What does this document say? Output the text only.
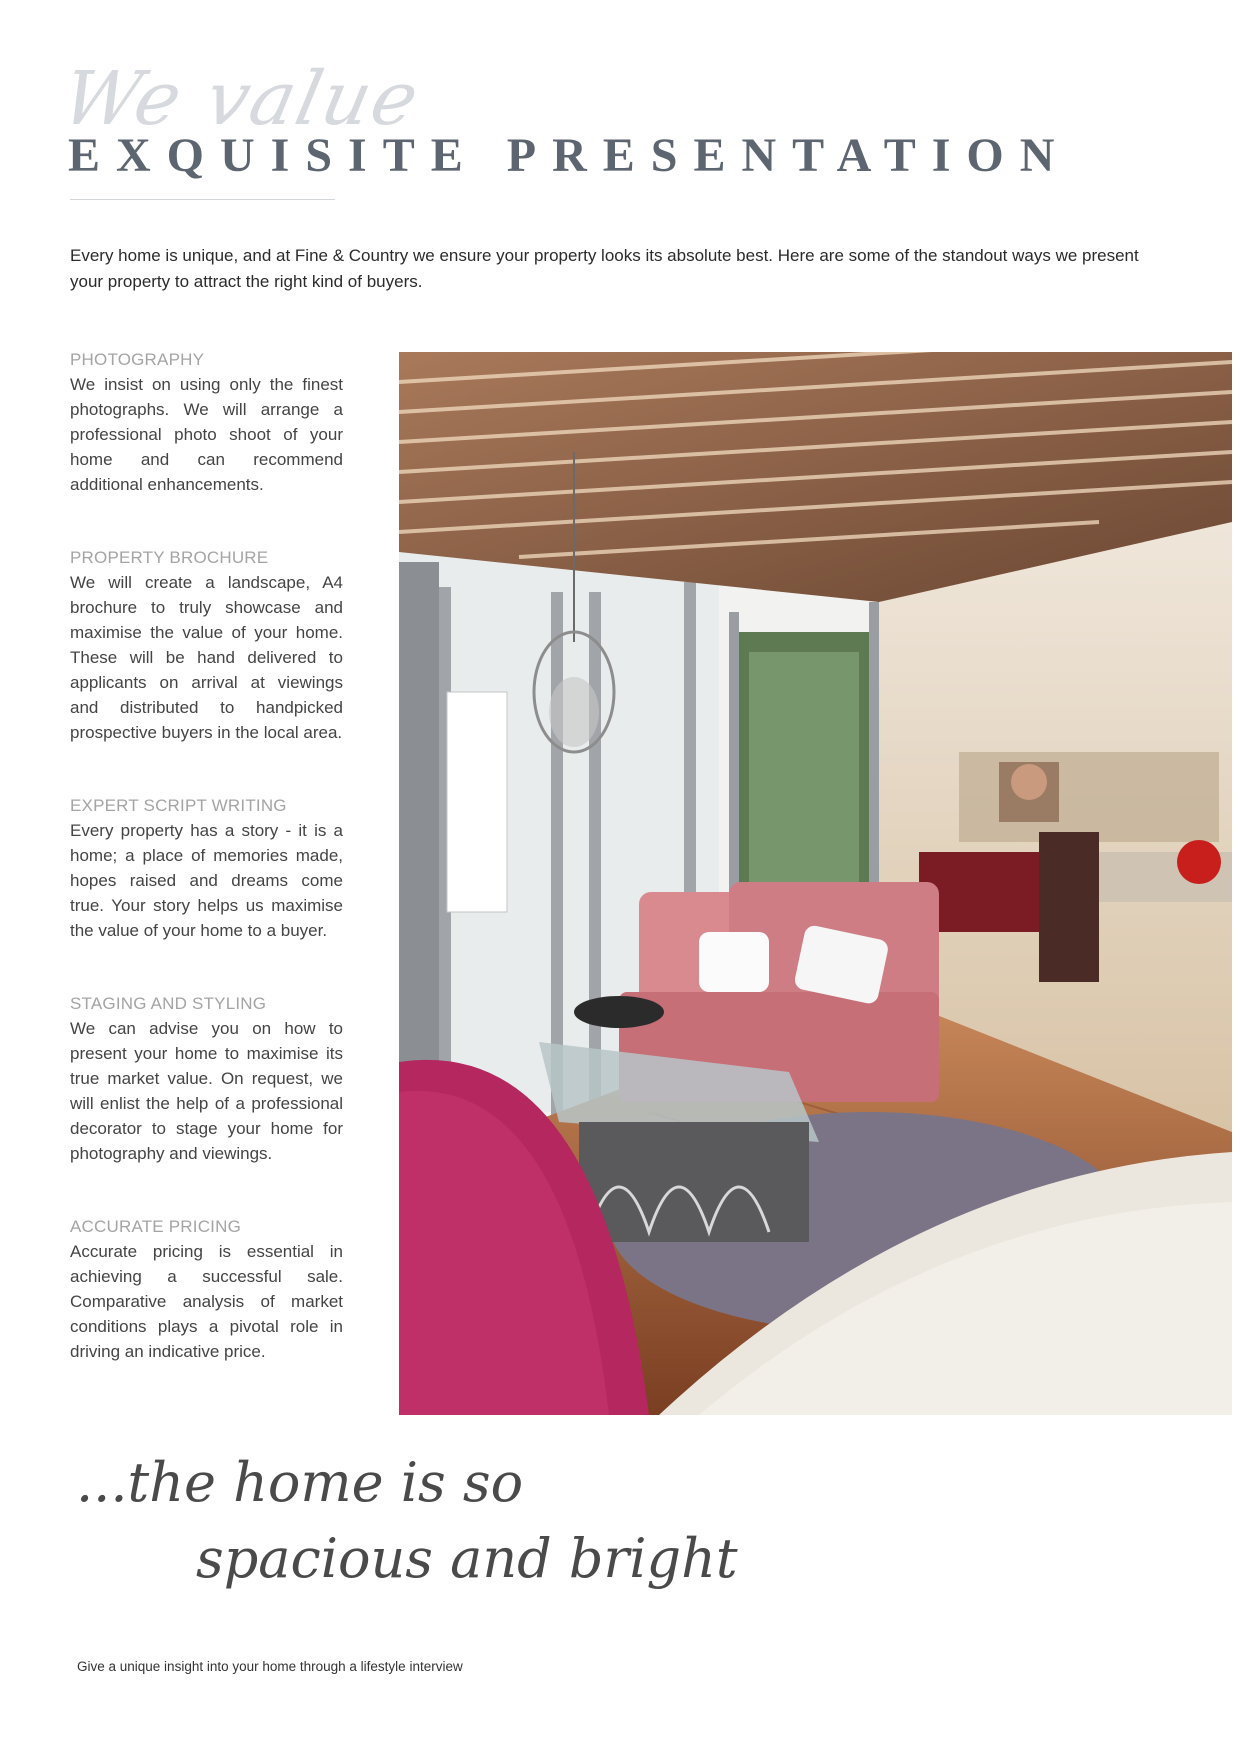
We value
EXQUISITE PRESENTATION

Every home is unique, and at Fine & Country we ensure your property looks its absolute best. Here are some of the standout ways we present your property to attract the right kind of buyers.

PHOTOGRAPHY

We insist on using only the finest photographs. We will arrange a professional photo shoot of your home and can recommend additional enhancements.

PROPERTY BROCHURE

We will create a landscape, A4 brochure to truly showcase and maximise the value of your home. These will be hand delivered to applicants on arrival at viewings and distributed to handpicked prospective buyers in the local area.

EXPERT SCRIPT WRITING

Every property has a story - it is a home; a place of memories made, hopes raised and dreams come true. Your story helps us maximise the value of your home to a buyer.

STAGING AND STYLING

We can advise you on how to present your home to maximise its true market value. On request, we will enlist the help of a professional decorator to stage your home for photography and viewings.

ACCURATE PRICING

Accurate pricing is essential in achieving a successful sale. Comparative analysis of market conditions plays a pivotal role in driving an indicative price.

...the home is so
spacious and bright
Give a unique insight into your home through a lifestyle interview
